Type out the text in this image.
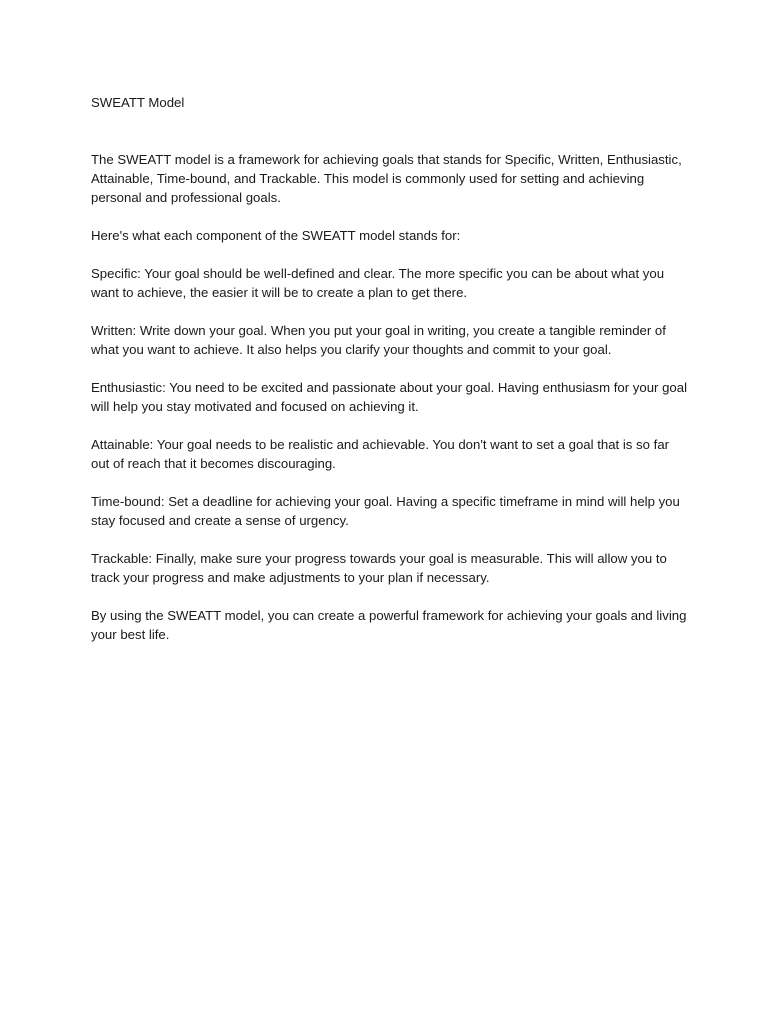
SWEATT Model

The SWEATT model is a framework for achieving goals that stands for Specific, Written, Enthusiastic, Attainable, Time-bound, and Trackable. This model is commonly used for setting and achieving personal and professional goals.

Here's what each component of the SWEATT model stands for:

Specific: Your goal should be well-defined and clear. The more specific you can be about what you want to achieve, the easier it will be to create a plan to get there.

Written: Write down your goal. When you put your goal in writing, you create a tangible reminder of what you want to achieve. It also helps you clarify your thoughts and commit to your goal.

Enthusiastic: You need to be excited and passionate about your goal. Having enthusiasm for your goal will help you stay motivated and focused on achieving it.

Attainable: Your goal needs to be realistic and achievable. You don't want to set a goal that is so far out of reach that it becomes discouraging.

Time-bound: Set a deadline for achieving your goal. Having a specific timeframe in mind will help you stay focused and create a sense of urgency.

Trackable: Finally, make sure your progress towards your goal is measurable. This will allow you to track your progress and make adjustments to your plan if necessary.

By using the SWEATT model, you can create a powerful framework for achieving your goals and living your best life.
